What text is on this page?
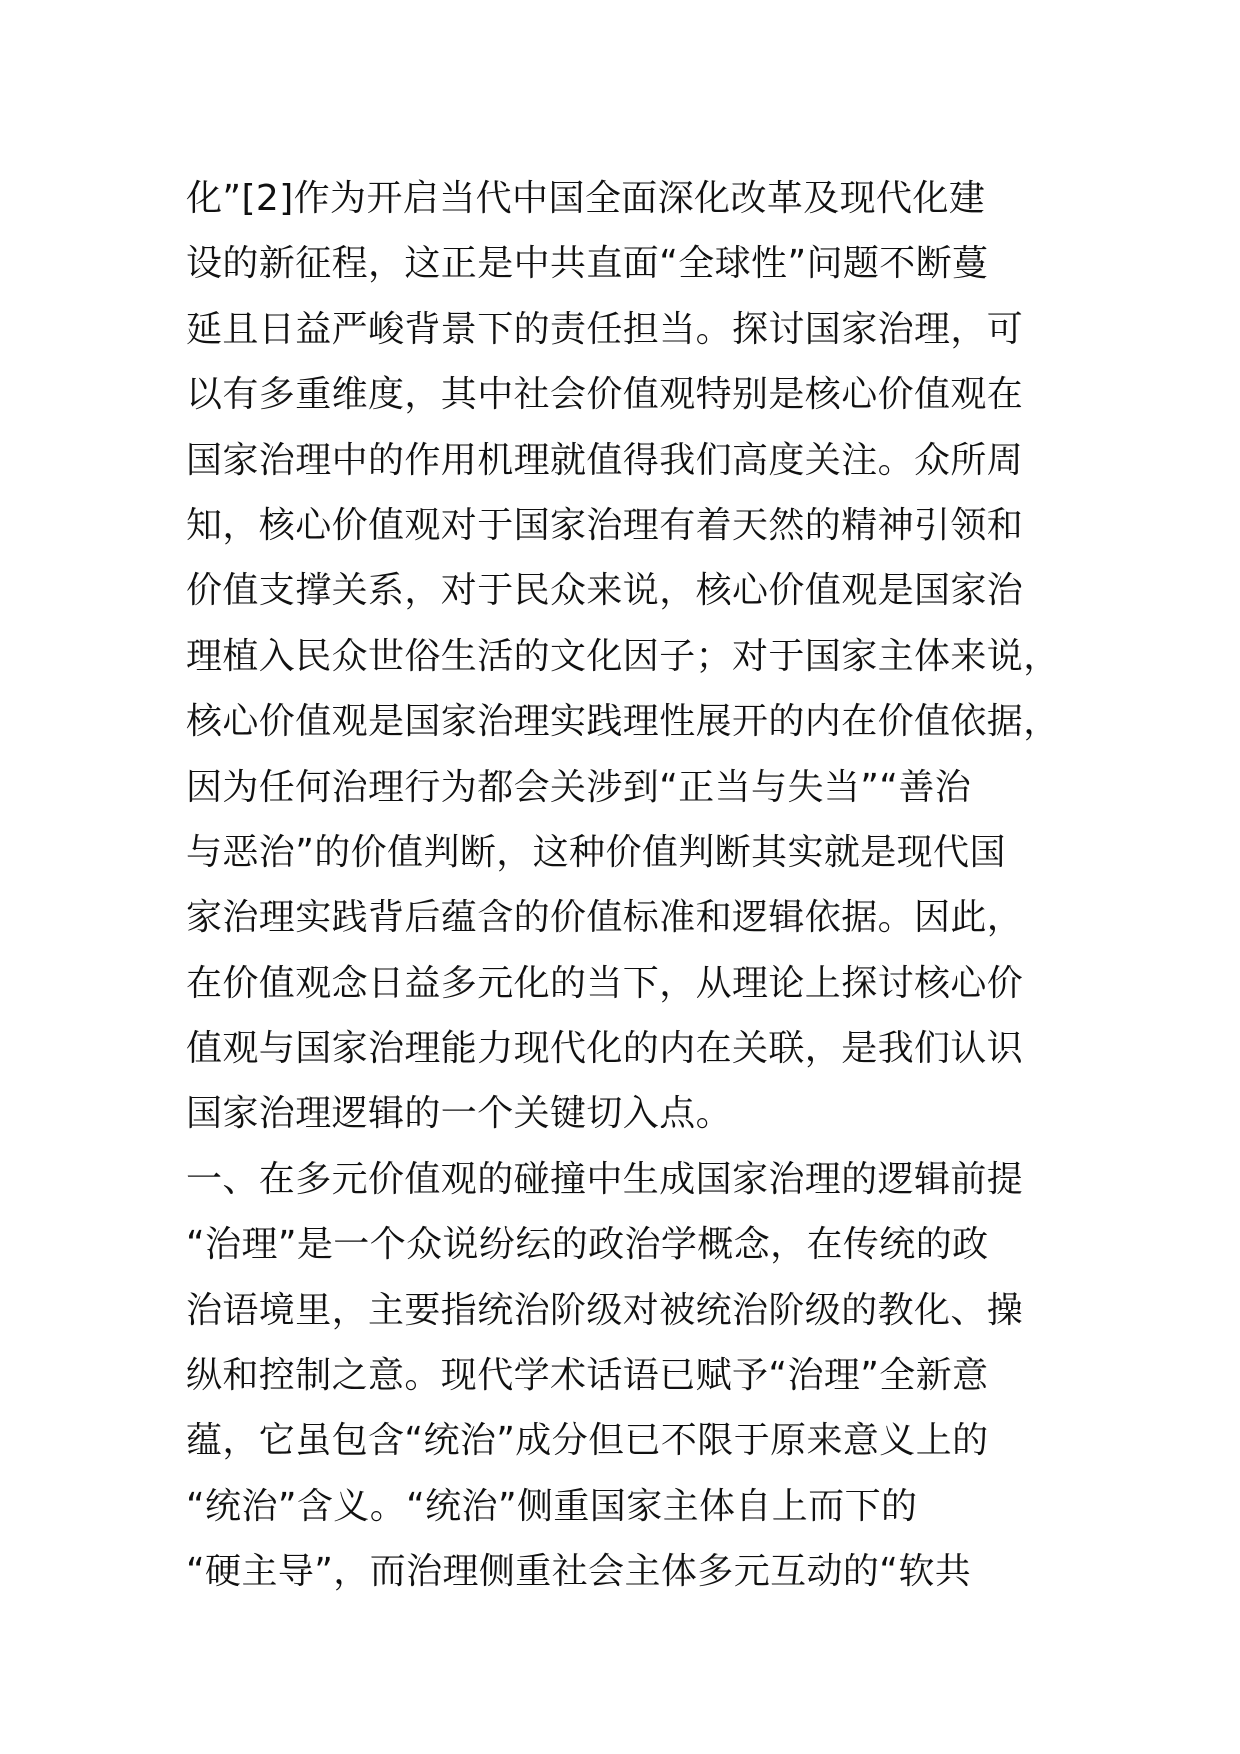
化”[2]作为开启当代中国全面深化改革及现代化建
设的新征程，这正是中共直面“全球性”问题不断蔓
延且日益严峻背景下的责任担当。探讨国家治理，可
以有多重维度，其中社会价值观特别是核心价值观在
国家治理中的作用机理就值得我们高度关注。众所周
知，核心价值观对于国家治理有着天然的精神引领和
价值支撑关系，对于民众来说，核心价值观是国家治
理植入民众世俗生活的文化因子；对于国家主体来说，
核心价值观是国家治理实践理性展开的内在价值依据，
因为任何治理行为都会关涉到“正当与失当”“善治
与恶治”的价值判断，这种价值判断其实就是现代国
家治理实践背后蕴含的价值标准和逻辑依据。因此，
在价值观念日益多元化的当下，从理论上探讨核心价
值观与国家治理能力现代化的内在关联，是我们认识
国家治理逻辑的一个关键切入点。
一、在多元价值观的碰撞中生成国家治理的逻辑前提
“治理”是一个众说纷纭的政治学概念，在传统的政
治语境里，主要指统治阶级对被统治阶级的教化、操
纵和控制之意。现代学术话语已赋予“治理”全新意
蕴，它虽包含“统治”成分但已不限于原来意义上的
“统治”含义。“统治”侧重国家主体自上而下的
“硬主导”，而治理侧重社会主体多元互动的“软共
